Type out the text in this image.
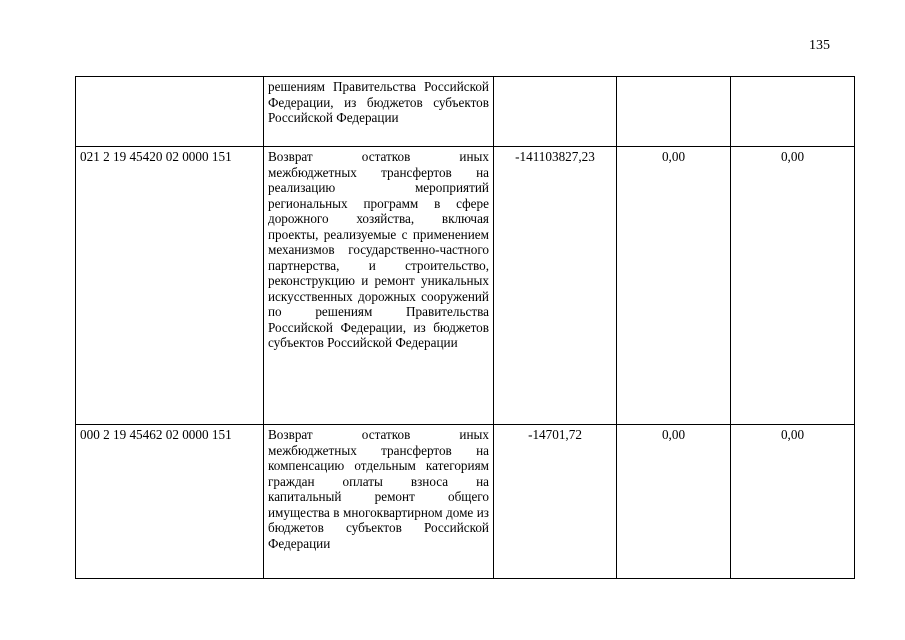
135
	решениям Правительства Российской Федерации, из бюджетов субъектов Российской Федерации			
021 2 19 45420 02 0000 151	Возврат остатков иных межбюджетных трансфертов на реализацию мероприятий региональных программ в сфере дорожного хозяйства, включая проекты, реализуемые с применением механизмов государственно-частного партнерства, и строительство, реконструкцию и ремонт уникальных искусственных дорожных сооружений по решениям Правительства Российской Федерации, из бюджетов субъектов Российской Федерации	-141103827,23	0,00	0,00
000 2 19 45462 02 0000 151	Возврат остатков иных межбюджетных трансфертов на компенсацию отдельным категориям граждан оплаты взноса на капитальный ремонт общего имущества в многоквартирном доме из бюджетов субъектов Российской Федерации	-14701,72	0,00	0,00
